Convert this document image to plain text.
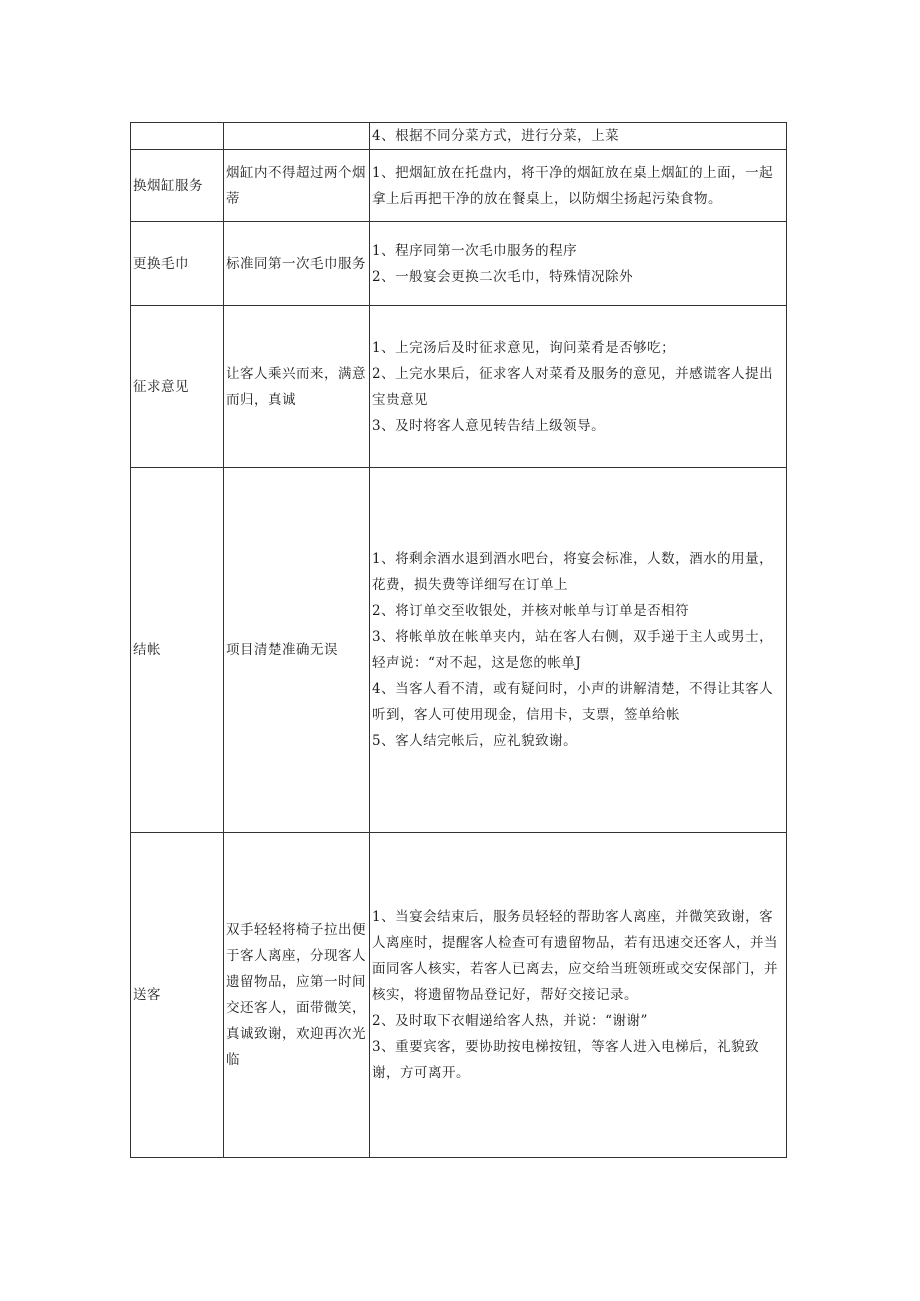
		4、根据不同分菜方式，进行分菜，上菜

换烟缸服务	烟缸内不得超过两个烟蒂	1、把烟缸放在托盘内，将干净的烟缸放在桌上烟缸的上面，一起拿上后再把干净的放在餐桌上，以防烟尘扬起污染食物。

更换毛巾	标准同第一次毛巾服务	1、程序同第一次毛巾服务的程序
2、一般宴会更换二次毛巾，特殊情况除外

征求意见	让客人乘兴而来，满意而归，真诚	1、上完汤后及时征求意见，询问菜肴是否够吃；
2、上完水果后，征求客人对菜肴及服务的意见，并感谎客人提出宝贵意见
3、及时将客人意见转告结上级领导。

结帐	项目清楚准确无误	1、将剩余酒水退到酒水吧台，将宴会标准，人数，酒水的用量，花费，损失费等详细写在订单上
2、将订单交至收银处，并核对帐单与订单是否相符
3、将帐单放在帐单夹内，站在客人右侧，双手递于主人或男士，轻声说：“对不起，这是您的帐单J
4、当客人看不清，或有疑问时，小声的讲解清楚，不得让其客人听到，客人可使用现金，信用卡，支票，签单给帐
5、客人结完帐后，应礼貌致谢。

送客	双手轻轻将椅子拉出便于客人离座，分现客人遗留物品，应第一时间交还客人，面带微笑，真诚致谢，欢迎再次光临	1、当宴会结束后，服务员轻轻的帮助客人离座，并微笑致谢，客人离座时，提醒客人检查可有遗留物品，若有迅速交还客人，并当面同客人核实，若客人已离去，应交给当班领班或交安保部门，并核实，将遗留物品登记好，帮好交接记录。
2、及时取下衣帽递给客人热，并说：“谢谢”
3、重要宾客，要协助按电梯按钮，等客人进入电梯后，礼貌致谢，方可离开。
